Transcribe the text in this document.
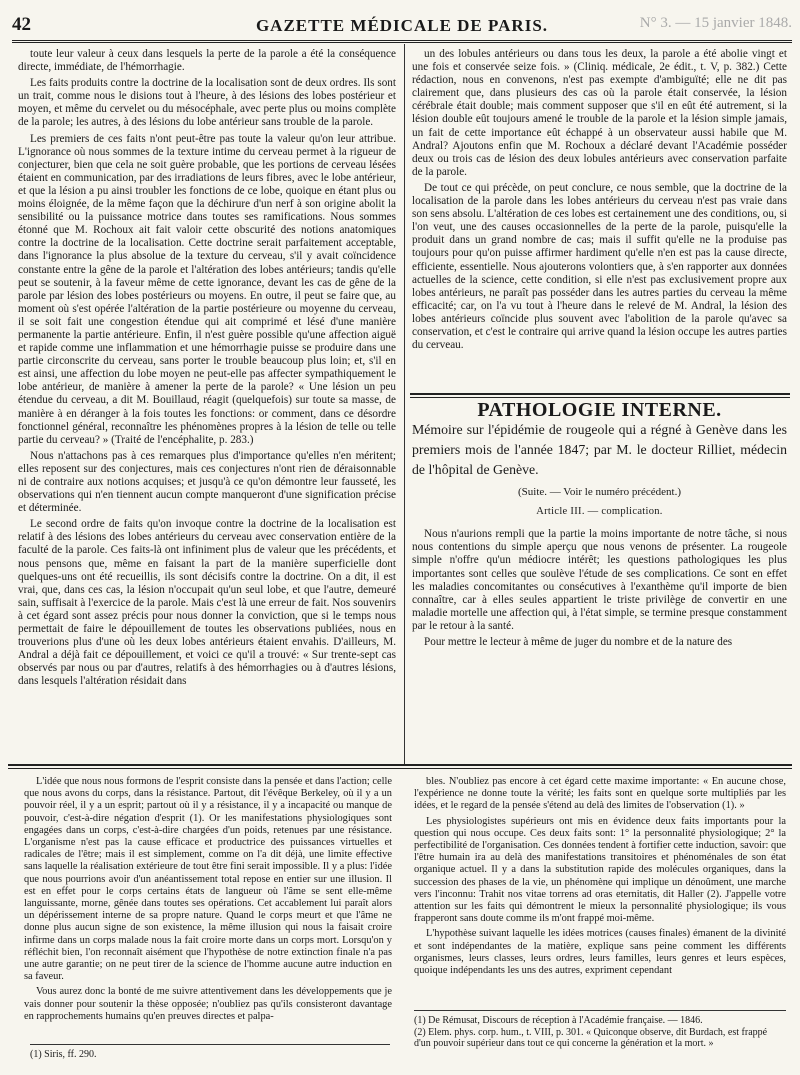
42	GAZETTE MÉDICALE DE PARIS.	N° 3. — 15 janvier 1848.

toute leur valeur à ceux dans lesquels la perte de la parole a été la conséquence directe, immédiate, de l'hémorrhagie.

Les faits produits contre la doctrine de la localisation sont de deux ordres. Ils sont un trait, comme nous le disions tout à l'heure, à des lésions des lobes postérieur et moyen, et même du cervelet ou du mésocéphale, avec perte plus ou moins complète de la parole; les autres, à des lésions du lobe antérieur sans trouble de la parole.

Les premiers de ces faits n'ont peut-être pas toute la valeur qu'on leur attribue. L'ignorance où nous sommes de la texture intime du cerveau permet à la rigueur de conjecturer, bien que cela ne soit guère probable, que les portions de cerveau lésées étaient en communication, par des irradiations de leurs fibres, avec le lobe antérieur, et que la lésion a pu ainsi troubler les fonctions de ce lobe, quoique en étant plus ou moins éloignée, de la même façon que la déchirure d'un nerf à son origine abolit la sensibilité ou la puissance motrice dans toutes ses ramifications. Nous sommes étonné que M. Rochoux ait fait valoir cette obscurité des notions anatomiques contre la doctrine de la localisation. Cette doctrine serait parfaitement acceptable, dans l'ignorance la plus absolue de la texture du cerveau, s'il y avait coïncidence constante entre la gêne de la parole et l'altération des lobes antérieurs; tandis qu'elle peut se soutenir, à la faveur même de cette ignorance, devant les cas de gêne de la parole par lésion des lobes postérieurs ou moyens. En outre, il peut se faire que, au moment où s'est opérée l'altération de la partie postérieure ou moyenne du cerveau, il se soit fait une congestion étendue qui ait comprimé et lésé d'une manière permanente la partie antérieure. Enfin, il n'est guère possible qu'une affection aiguë et rapide comme une inflammation et une hémorrhagie puisse se produire dans une partie circonscrite du cerveau, sans porter le trouble beaucoup plus loin; et, s'il en est ainsi, une affection du lobe moyen ne peut-elle pas affecter sympathiquement le lobe antérieur, de manière à amener la perte de la parole? « Une lésion un peu étendue du cerveau, a dit M. Bouillaud, réagit (quelquefois) sur toute sa masse, de manière à en déranger à la fois toutes les fonctions: or comment, dans ce désordre fonctionnel général, reconnaître les phénomènes propres à la lésion de telle ou telle partie du cerveau? » (Traité de l'encéphalite, p. 283.)

Nous n'attachons pas à ces remarques plus d'importance qu'elles n'en méritent; elles reposent sur des conjectures, mais ces conjectures n'ont rien de déraisonnable ni de contraire aux notions acquises; et jusqu'à ce qu'on démontre leur fausseté, les observations qui n'en tiennent aucun compte manqueront d'une signification précise et déterminée.

Le second ordre de faits qu'on invoque contre la doctrine de la localisation est relatif à des lésions des lobes antérieurs du cerveau avec conservation entière de la faculté de la parole. Ces faits-là ont infiniment plus de valeur que les précédents, et nous pensons que, même en faisant la part de la manière superficielle dont quelques-uns ont été recueillis, ils sont décisifs contre la doctrine. On a dit, il est vrai, que, dans ces cas, la lésion n'occupait qu'un seul lobe, et que l'autre, demeuré sain, suffisait à l'exercice de la parole. Mais c'est là une erreur de fait. Nos souvenirs à cet égard sont assez précis pour nous donner la conviction, que si le temps nous permettait de faire le dépouillement de toutes les observations publiées, nous en trouverions plus d'une où les deux lobes antérieurs étaient envahis. D'ailleurs, M. Andral a déjà fait ce dépouillement, et voici ce qu'il a trouvé: « Sur trente-sept cas observés par nous ou par d'autres, relatifs à des hémorrhagies ou à d'autres lésions, dans lesquels l'altération résidait dans

un des lobules antérieurs ou dans tous les deux, la parole a été abolie vingt et une fois et conservée seize fois. » (Cliniq. médicale, 2e édit., t. V, p. 382.) Cette rédaction, nous en convenons, n'est pas exempte d'ambiguïté; elle ne dit pas clairement que, dans plusieurs des cas où la parole était conservée, la lésion cérébrale était double; mais comment supposer que s'il en eût été autrement, si la lésion double eût toujours amené le trouble de la parole et la lésion simple jamais, un fait de cette importance eût échappé à un observateur aussi habile que M. Andral? Ajoutons enfin que M. Rochoux a déclaré devant l'Académie posséder deux ou trois cas de lésion des deux lobules antérieurs avec conservation parfaite de la parole.

De tout ce qui précède, on peut conclure, ce nous semble, que la doctrine de la localisation de la parole dans les lobes antérieurs du cerveau n'est pas vraie dans son sens absolu. L'altération de ces lobes est certainement une des conditions, ou, si l'on veut, une des causes occasionnelles de la perte de la parole, puisqu'elle la produit dans un grand nombre de cas; mais il suffit qu'elle ne la produise pas toujours pour qu'on puisse affirmer hardiment qu'elle n'en est pas la cause directe, efficiente, essentielle. Nous ajouterons volontiers que, à s'en rapporter aux données actuelles de la science, cette condition, si elle n'est pas exclusivement propre aux lobes antérieurs, ne paraît pas posséder dans les autres parties du cerveau la même efficacité; car, on l'a vu tout à l'heure dans le relevé de M. Andral, la lésion des lobes antérieurs coïncide plus souvent avec l'abolition de la parole qu'avec sa conservation, et c'est le contraire qui arrive quand la lésion occupe les autres parties du cerveau.

PATHOLOGIE INTERNE.

Mémoire sur l'épidémie de rougeole qui a régné à Genève dans les premiers mois de l'année 1847; par M. le docteur Rilliet, médecin de l'hôpital de Genève.

(Suite. — Voir le numéro précédent.)

Article III. — complication.

Nous n'aurions rempli que la partie la moins importante de notre tâche, si nous nous contentions du simple aperçu que nous venons de présenter. La rougeole simple n'offre qu'un médiocre intérêt; les questions pathologiques les plus importantes sont celles que soulève l'étude de ses complications. Ce sont en effet les maladies concomitantes ou consécutives à l'exanthème qu'il importe de bien connaître, car à elles seules appartient le triste privilège de convertir en une maladie mortelle une affection qui, à l'état simple, se termine presque constamment par le retour à la santé.

Pour mettre le lecteur à même de juger du nombre et de la nature des

L'idée que nous nous formons de l'esprit consiste dans la pensée et dans l'action; celle que nous avons du corps, dans la résistance. Partout, dit l'évêque Berkeley, où il y a un pouvoir réel, il y a un esprit; partout où il y a résistance, il y a incapacité ou manque de pouvoir, c'est-à-dire négation d'esprit (1). Or les manifestations physiologiques sont engagées dans un corps, c'est-à-dire chargées d'un poids, retenues par une résistance. L'organisme n'est pas la cause efficace et productrice des puissances virtuelles et radicales de l'être; mais il est simplement, comme on l'a dit déjà, une limite effective sans laquelle la réalisation extérieure de tout être fini serait impossible. Il y a plus: l'idée que nous pourrions avoir d'un anéantissement total repose en entier sur une illusion. Il est en effet pour le corps certains états de langueur où l'âme se sent elle-même languissante, morne, gênée dans toutes ses opérations. Cet accablement lui paraît alors un dépérissement interne de sa propre nature. Quand le corps meurt et que l'âme ne donne plus aucun signe de son existence, la même illusion qui nous la faisait croire infirme dans un corps malade nous la fait croire morte dans un corps mort. Lorsqu'on y réfléchit bien, l'on reconnaît aisément que l'hypothèse de notre extinction finale n'a pas une autre garantie; on ne peut tirer de la science de l'homme aucune autre induction en sa faveur.

Vous aurez donc la bonté de me suivre attentivement dans les développements que je vais donner pour soutenir la thèse opposée; n'oubliez pas qu'ils consisteront davantage en rapprochements humains qu'en preuves directes et palpa-

bles. N'oubliez pas encore à cet égard cette maxime importante: « En aucune chose, l'expérience ne donne toute la vérité; les faits sont en quelque sorte multipliés par les idées, et le regard de la pensée s'étend au delà des limites de l'observation (1). »

Les physiologistes supérieurs ont mis en évidence deux faits importants pour la question qui nous occupe. Ces deux faits sont: 1° la personnalité physiologique; 2° la perfectibilité de l'organisation. Ces données tendent à fortifier cette induction, savoir: que l'être humain ira au delà des manifestations transitoires et phénoménales de son état organique actuel. Il y a dans la substitution rapide des molécules organiques, dans la succession des phases de la vie, un phénomène qui implique un dénoûment, une marche vers l'inconnu: Trahit nos vitae torrens ad oras eternitatis, dit Haller (2). J'appelle votre attention sur les faits qui démontrent le mieux la personnalité physiologique; ils vous frapperont sans doute comme ils m'ont frappé moi-même.

L'hypothèse suivant laquelle les idées motrices (causes finales) émanent de la divinité et sont indépendantes de la matière, explique sans peine comment les différents organismes, leurs classes, leurs ordres, leurs familles, leurs genres et leurs espèces, quoique indépendants les uns des autres, expriment cependant

(1) Siris, ff. 290.

(1) De Rémusat, Discours de réception à l'Académie française. — 1846.

(2) Elem. phys. corp. hum., t. VIII, p. 301. « Quiconque observe, dit Burdach, est frappé d'un pouvoir supérieur dans tout ce qui concerne la génération et la mort. »
